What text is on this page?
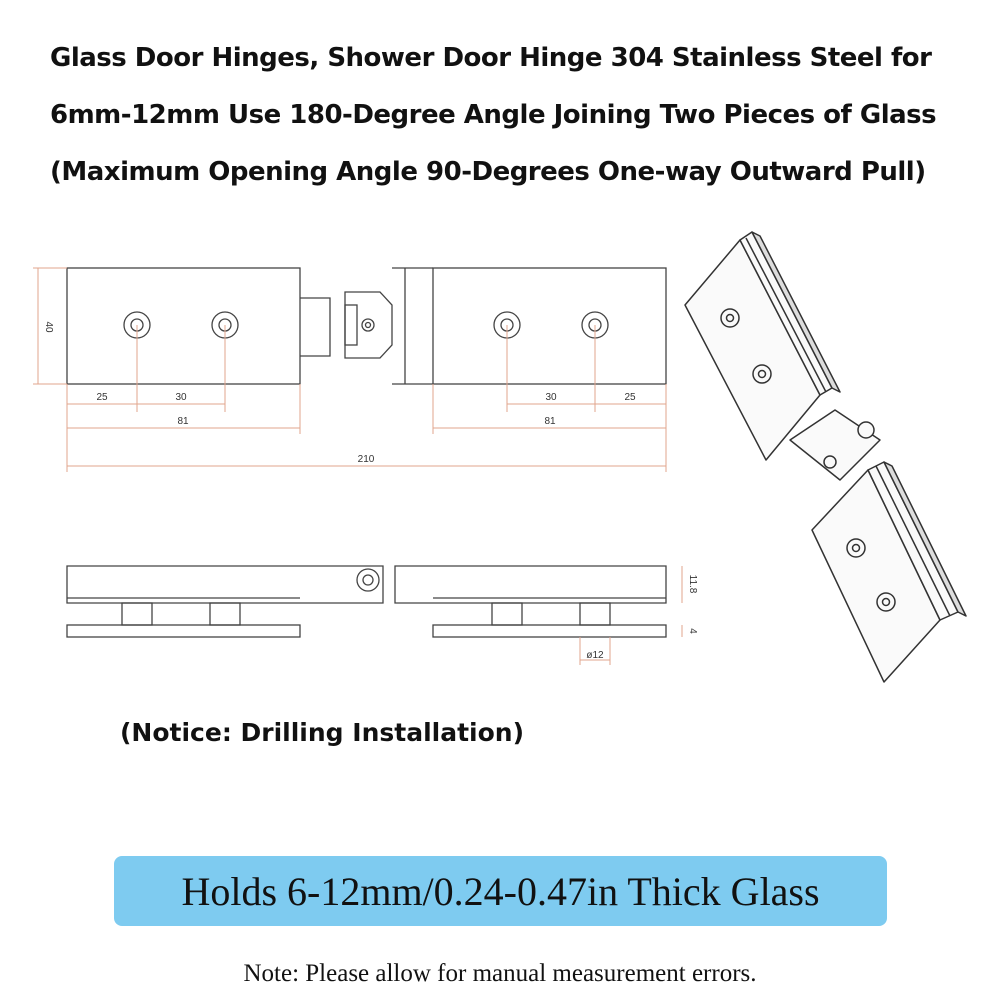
Glass Door Hinges, Shower Door Hinge 304 Stainless Steel for
6mm-12mm Use 180-Degree Angle Joining Two Pieces of Glass
(Maximum Opening Angle 90-Degrees One-way Outward Pull)
40
25	30
81
30	25
81
210
11.8
4
ø12
(Notice: Drilling Installation)
Holds 6-12mm/0.24-0.47in Thick Glass
Note: Please allow for manual measurement errors.
